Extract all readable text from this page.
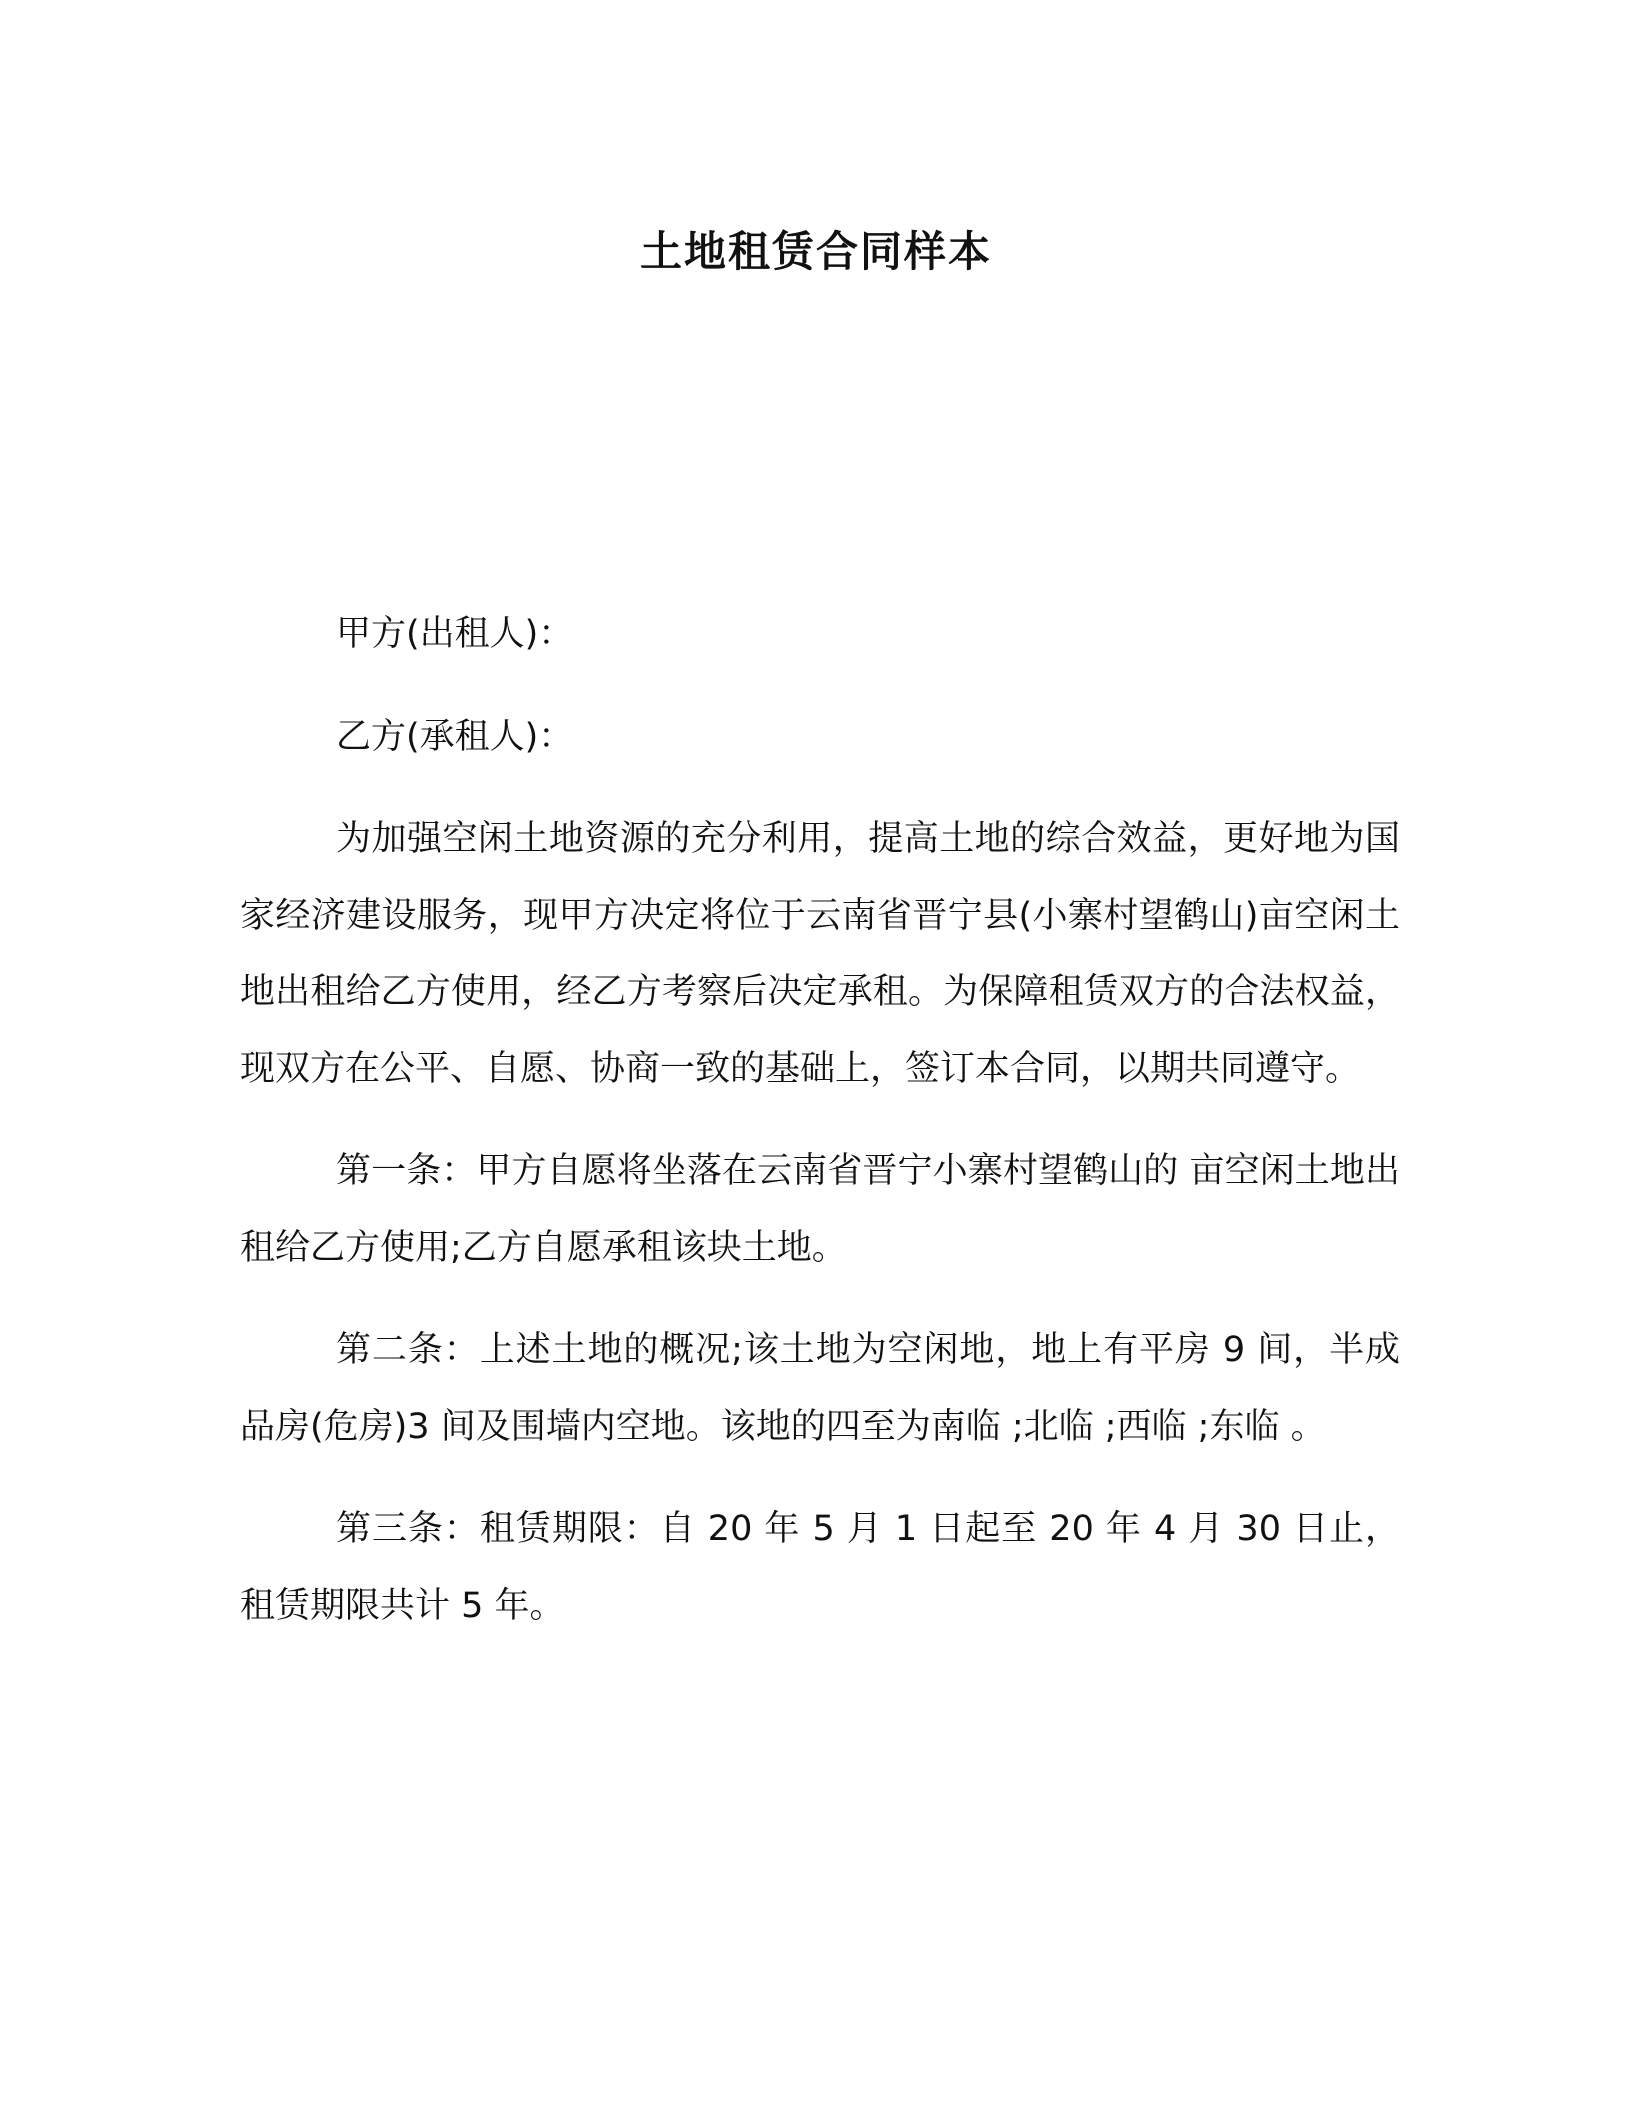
土地租赁合同样本

甲方(出租人)：

乙方(承租人)：

为加强空闲土地资源的充分利用，提高土地的综合效益，更好地为国家经济建设服务，现甲方决定将位于云南省晋宁县(小寨村望鹤山)亩空闲土地出租给乙方使用，经乙方考察后决定承租。为保障租赁双方的合法权益，现双方在公平、自愿、协商一致的基础上，签订本合同，以期共同遵守。

第一条：甲方自愿将坐落在云南省晋宁小寨村望鹤山的 亩空闲土地出租给乙方使用;乙方自愿承租该块土地。

第二条：上述土地的概况;该土地为空闲地，地上有平房 9 间，半成品房(危房)3 间及围墙内空地。该地的四至为南临 ;北临 ;西临 ;东临 。

第三条：租赁期限：自 20 年 5 月 1 日起至 20 年 4 月 30 日止，租赁期限共计 5 年。
